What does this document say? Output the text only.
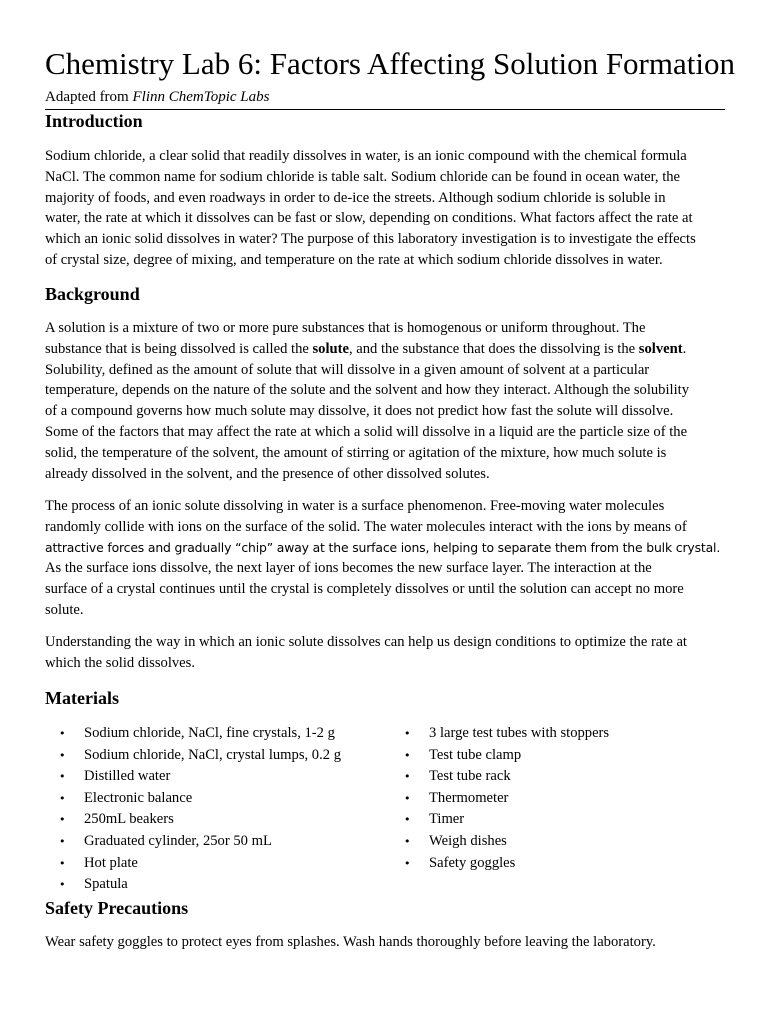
Chemistry Lab 6: Factors Affecting Solution Formation
Adapted from Flinn ChemTopic Labs
Introduction
Sodium chloride, a clear solid that readily dissolves in water, is an ionic compound with the chemical formula
NaCl. The common name for sodium chloride is table salt. Sodium chloride can be found in ocean water, the
majority of foods, and even roadways in order to de-ice the streets. Although sodium chloride is soluble in
water, the rate at which it dissolves can be fast or slow, depending on conditions. What factors affect the rate at
which an ionic solid dissolves in water? The purpose of this laboratory investigation is to investigate the effects
of crystal size, degree of mixing, and temperature on the rate at which sodium chloride dissolves in water.
Background
A solution is a mixture of two or more pure substances that is homogenous or uniform throughout. The
substance that is being dissolved is called the solute, and the substance that does the dissolving is the solvent.
Solubility, defined as the amount of solute that will dissolve in a given amount of solvent at a particular
temperature, depends on the nature of the solute and the solvent and how they interact. Although the solubility
of a compound governs how much solute may dissolve, it does not predict how fast the solute will dissolve.
Some of the factors that may affect the rate at which a solid will dissolve in a liquid are the particle size of the
solid, the temperature of the solvent, the amount of stirring or agitation of the mixture, how much solute is
already dissolved in the solvent, and the presence of other dissolved solutes.
The process of an ionic solute dissolving in water is a surface phenomenon. Free-moving water molecules
randomly collide with ions on the surface of the solid. The water molecules interact with the ions by means of
attractive forces and gradually “chip” away at the surface ions, helping to separate them from the bulk crystal.
As the surface ions dissolve, the next layer of ions becomes the new surface layer. The interaction at the
surface of a crystal continues until the crystal is completely dissolves or until the solution can accept no more
solute.
Understanding the way in which an ionic solute dissolves can help us design conditions to optimize the rate at
which the solid dissolves.
Materials
• Sodium chloride, NaCl, fine crystals, 1-2 g
• Sodium chloride, NaCl, crystal lumps, 0.2 g
• Distilled water
• Electronic balance
• 250mL beakers
• Graduated cylinder, 25or 50 mL
• Hot plate
• Spatula
• 3 large test tubes with stoppers
• Test tube clamp
• Test tube rack
• Thermometer
• Timer
• Weigh dishes
• Safety goggles
Safety Precautions
Wear safety goggles to protect eyes from splashes. Wash hands thoroughly before leaving the laboratory.
